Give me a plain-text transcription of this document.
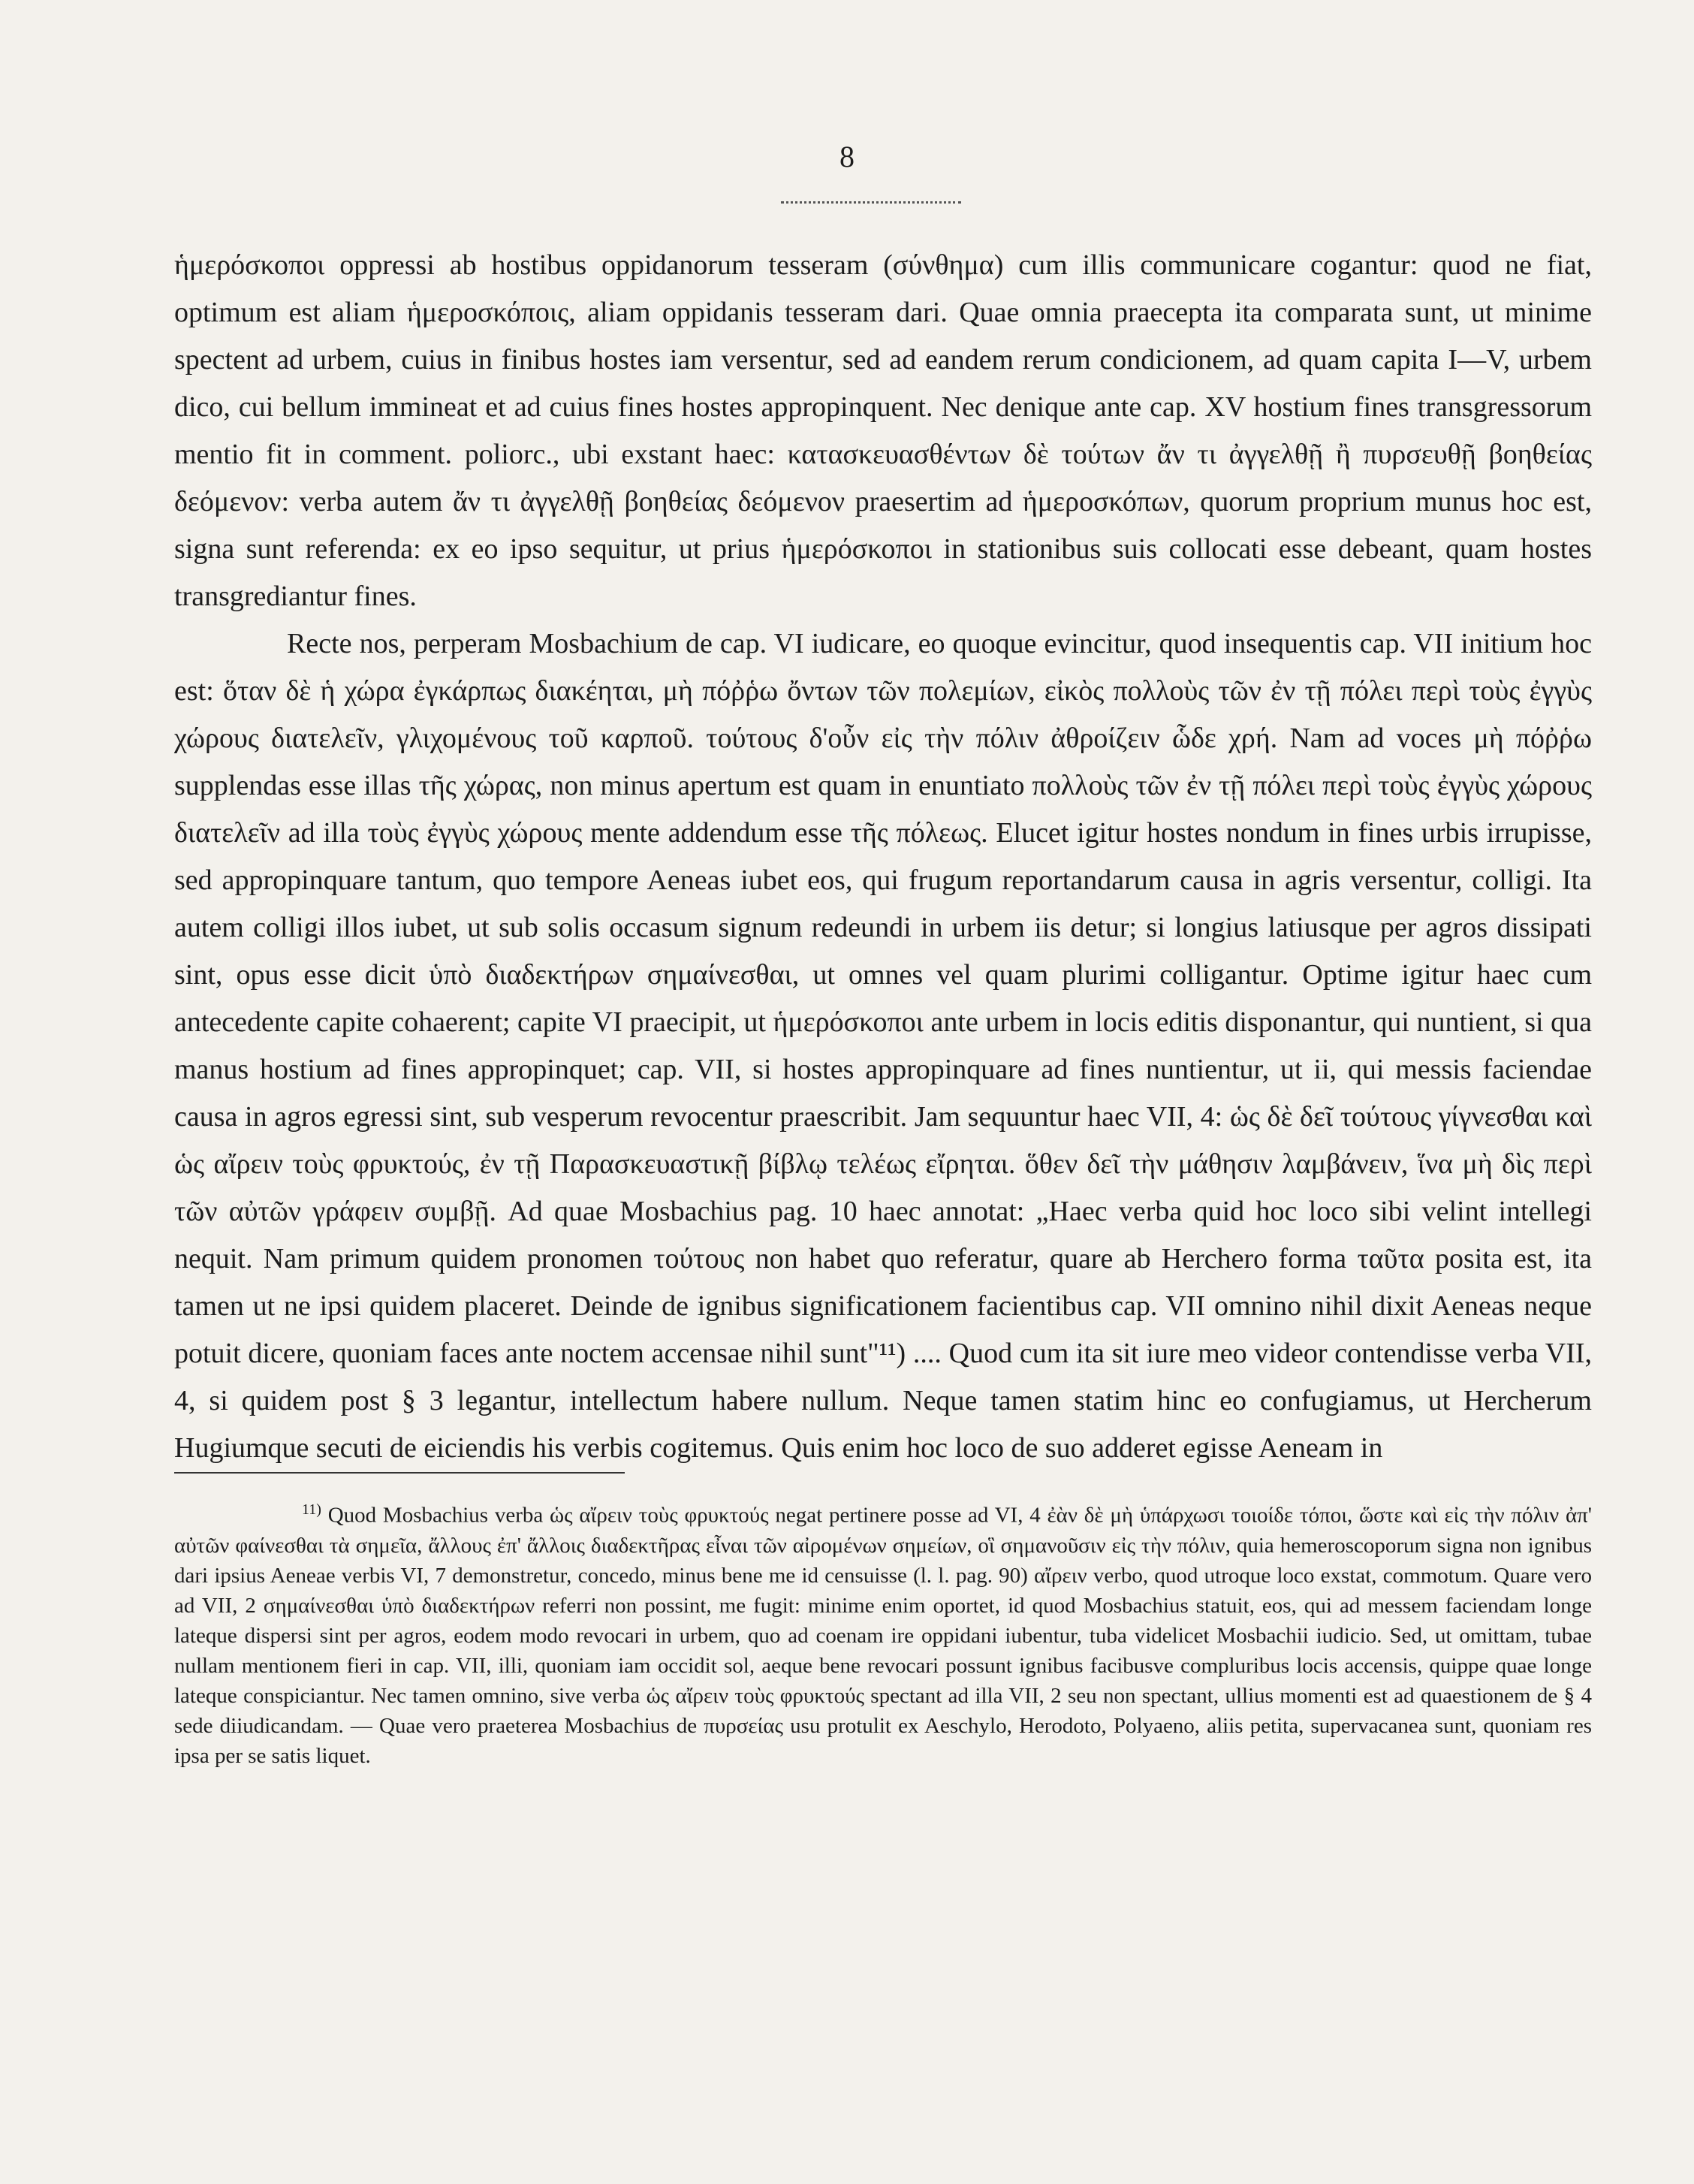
8

ἡμερόσκοποι oppressi ab hostibus oppidanorum tesseram (σύνθημα) cum illis communicare cogantur: quod ne fiat, optimum est aliam ἡμεροσκόποις, aliam oppidanis tesseram dari. Quae omnia praecepta ita comparata sunt, ut minime spectent ad urbem, cuius in finibus hostes iam versentur, sed ad eandem rerum condicionem, ad quam capita I—V, urbem dico, cui bellum immineat et ad cuius fines hostes appropinquent. Nec denique ante cap. XV hostium fines transgressorum mentio fit in comment. poliorc., ubi exstant haec: κατασκευασθέντων δὲ τούτων ἄν τι ἀγγελθῇ ἢ πυρσευθῇ βοηθείας δεόμενον: verba autem ἄν τι ἀγγελθῇ βοηθείας δεόμενον praesertim ad ἡμεροσκόπων, quorum proprium munus hoc est, signa sunt referenda: ex eo ipso sequitur, ut prius ἡμερόσκοποι in stationibus suis collocati esse debeant, quam hostes transgrediantur fines.

Recte nos, perperam Mosbachium de cap. VI iudicare, eo quoque evincitur, quod insequentis cap. VII initium hoc est: ὅταν δὲ ἡ χώρα ἐγκάρπως διακέηται, μὴ πόῤῥω ὄντων τῶν πολεμίων, εἰκὸς πολλοὺς τῶν ἐν τῇ πόλει περὶ τοὺς ἐγγὺς χώρους διατελεῖν, γλιχομένους τοῦ καρποῦ. τούτους δ'οὖν εἰς τὴν πόλιν ἀθροίζειν ὧδε χρή. Nam ad voces μὴ πόῤῥω supplendas esse illas τῆς χώρας, non minus apertum est quam in enuntiato πολλοὺς τῶν ἐν τῇ πόλει περὶ τοὺς ἐγγὺς χώρους διατελεῖν ad illa τοὺς ἐγγὺς χώρους mente addendum esse τῆς πόλεως. Elucet igitur hostes nondum in fines urbis irrupisse, sed appropinquare tantum, quo tempore Aeneas iubet eos, qui frugum reportandarum causa in agris versentur, colligi. Ita autem colligi illos iubet, ut sub solis occasum signum redeundi in urbem iis detur; si longius latiusque per agros dissipati sint, opus esse dicit ὑπὸ διαδεκτήρων σημαίνεσθαι, ut omnes vel quam plurimi colligantur. Optime igitur haec cum antecedente capite cohaerent; capite VI praecipit, ut ἡμερόσκοποι ante urbem in locis editis disponantur, qui nuntient, si qua manus hostium ad fines appropinquet; cap. VII, si hostes appropinquare ad fines nuntientur, ut ii, qui messis faciendae causa in agros egressi sint, sub vesperum revocentur praescribit. Jam sequuntur haec VII, 4: ὡς δὲ δεῖ τούτους γίγνεσθαι καὶ ὡς αἴρειν τοὺς φρυκτούς, ἐν τῇ Παρασκευαστικῇ βίβλῳ τελέως εἴρηται. ὅθεν δεῖ τὴν μάθησιν λαμβάνειν, ἵνα μὴ δὶς περὶ τῶν αὐτῶν γράφειν συμβῇ. Ad quae Mosbachius pag. 10 haec annotat: „Haec verba quid hoc loco sibi velint intellegi nequit. Nam primum quidem pronomen τούτους non habet quo referatur, quare ab Herchero forma ταῦτα posita est, ita tamen ut ne ipsi quidem placeret. Deinde de ignibus significationem facientibus cap. VII omnino nihil dixit Aeneas neque potuit dicere, quoniam faces ante noctem accensae nihil sunt"¹¹) .... Quod cum ita sit iure meo videor contendisse verba VII, 4, si quidem post § 3 legantur, intellectum habere nullum. Neque tamen statim hinc eo confugiamus, ut Hercherum Hugiumque secuti de eiciendis his verbis cogitemus. Quis enim hoc loco de suo adderet egisse Aeneam in

$^{11)}$ Quod Mosbachius verba ὡς αἴρειν τοὺς φρυκτούς negat pertinere posse ad VI, 4 ἐὰν δὲ μὴ ὑπάρχωσι τοιοίδε τόποι, ὥστε καὶ εἰς τὴν πόλιν ἀπ' αὐτῶν φαίνεσθαι τὰ σημεῖα, ἄλλους ἐπ' ἄλλοις διαδεκτῆρας εἶναι τῶν αἰρομένων σημείων, οἳ σημανοῦσιν εἰς τὴν πόλιν, quia hemeroscoporum signa non ignibus dari ipsius Aeneae verbis VI, 7 demonstretur, concedo, minus bene me id censuisse (l. l. pag. 90) αἴρειν verbo, quod utroque loco exstat, commotum. Quare vero ad VII, 2 σημαίνεσθαι ὑπὸ διαδεκτήρων referri non possint, me fugit: minime enim oportet, id quod Mosbachius statuit, eos, qui ad messem faciendam longe lateque dispersi sint per agros, eodem modo revocari in urbem, quo ad coenam ire oppidani iubentur, tuba videlicet Mosbachii iudicio. Sed, ut omittam, tubae nullam mentionem fieri in cap. VII, illi, quoniam iam occidit sol, aeque bene revocari possunt ignibus facibusve compluribus locis accensis, quippe quae longe lateque conspiciantur. Nec tamen omnino, sive verba ὡς αἴρειν τοὺς φρυκτούς spectant ad illa VII, 2 seu non spectant, ullius momenti est ad quaestionem de § 4 sede diiudicandam. — Quae vero praeterea Mosbachius de πυρσείας usu protulit ex Aeschylo, Herodoto, Polyaeno, aliis petita, supervacanea sunt, quoniam res ipsa per se satis liquet.
